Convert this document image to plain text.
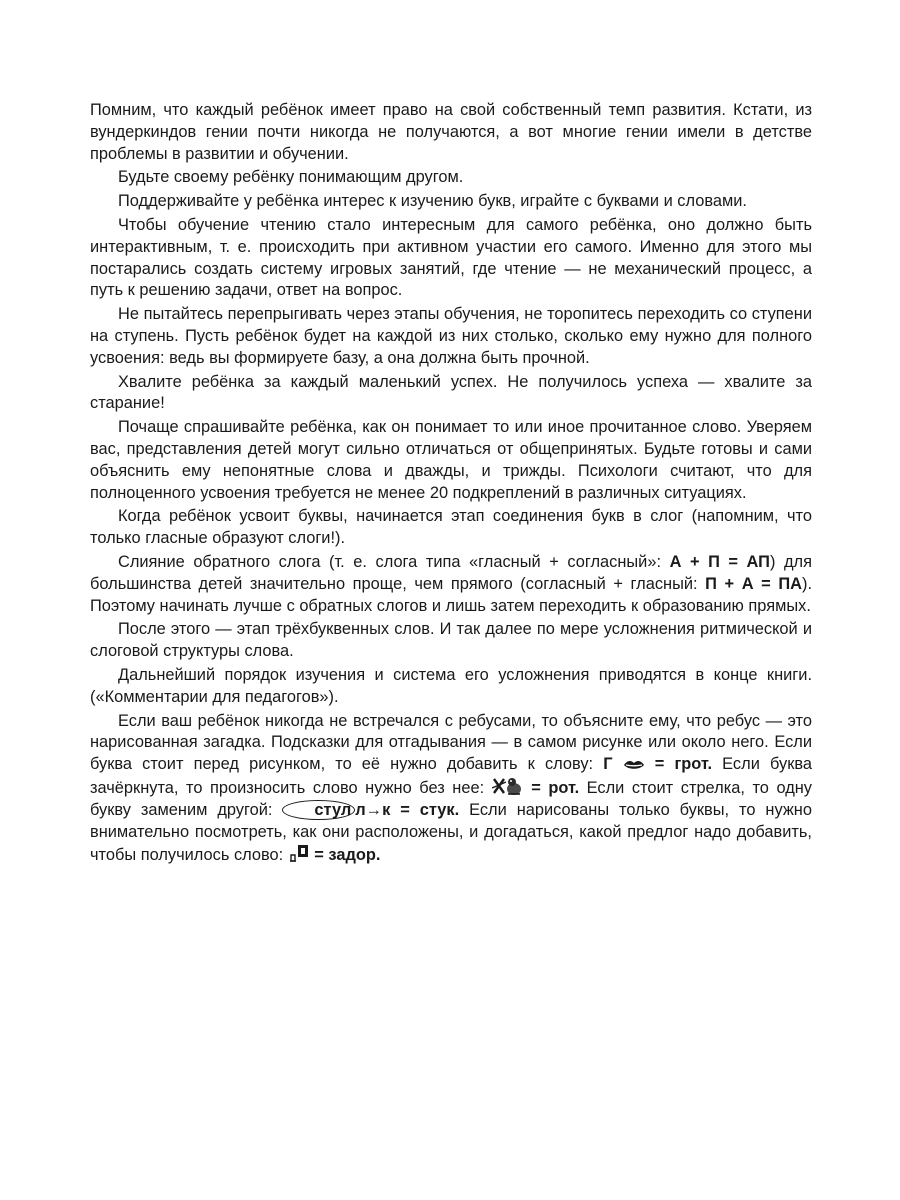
Помним, что каждый ребёнок имеет право на свой собственный темп развития. Кстати, из вундеркиндов гении почти никогда не получаются, а вот многие гении имели в детстве проблемы в развитии и обучении.

Будьте своему ребёнку понимающим другом.

Поддерживайте у ребёнка интерес к изучению букв, играйте с буквами и словами.

Чтобы обучение чтению стало интересным для самого ребёнка, оно должно быть интерактивным, т. е. происходить при активном участии его самого. Именно для этого мы постарались создать систему игровых занятий, где чтение — не механический процесс, а путь к решению задачи, ответ на вопрос.

Не пытайтесь перепрыгивать через этапы обучения, не торопитесь переходить со ступени на ступень. Пусть ребёнок будет на каждой из них столько, сколько ему нужно для полного усвоения: ведь вы формируете базу, а она должна быть прочной.

Хвалите ребёнка за каждый маленький успех. Не получилось успеха — хвалите за старание!

Почаще спрашивайте ребёнка, как он понимает то или иное прочитанное слово. Уверяем вас, представления детей могут сильно отличаться от общепринятых. Будьте готовы и сами объяснить ему непонятные слова и дважды, и трижды. Психологи считают, что для полноценного усвоения требуется не менее 20 подкреплений в различных ситуациях.

Когда ребёнок усвоит буквы, начинается этап соединения букв в слог (напомним, что только гласные образуют слоги!).

Слияние обратного слога (т. е. слога типа «гласный + согласный»: А + П = АП) для большинства детей значительно проще, чем прямого (согласный + гласный: П + А = ПА). Поэтому начинать лучше с обратных слогов и лишь затем переходить к образованию прямых.

После этого — этап трёхбуквенных слов. И так далее по мере усложнения ритмической и слоговой структуры слова.

Дальнейший порядок изучения и система его усложнения приводятся в конце книги. («Комментарии для педагогов»).

Если ваш ребёнок никогда не встречался с ребусами, то объясните ему, что ребус — это нарисованная загадка. Подсказки для отгадывания — в самом рисунке или около него. Если буква стоит перед рисунком, то её нужно добавить к слову: Г  = грот. Если буква зачёркнута, то произносить слово нужно без нее:  = рот. Если стоит стрелка, то одну букву заменим другой: стул л→к = стук. Если нарисованы только буквы, то нужно внимательно посмотреть, как они расположены, и догадаться, какой предлог надо добавить, чтобы получилось слово:  = задор.
